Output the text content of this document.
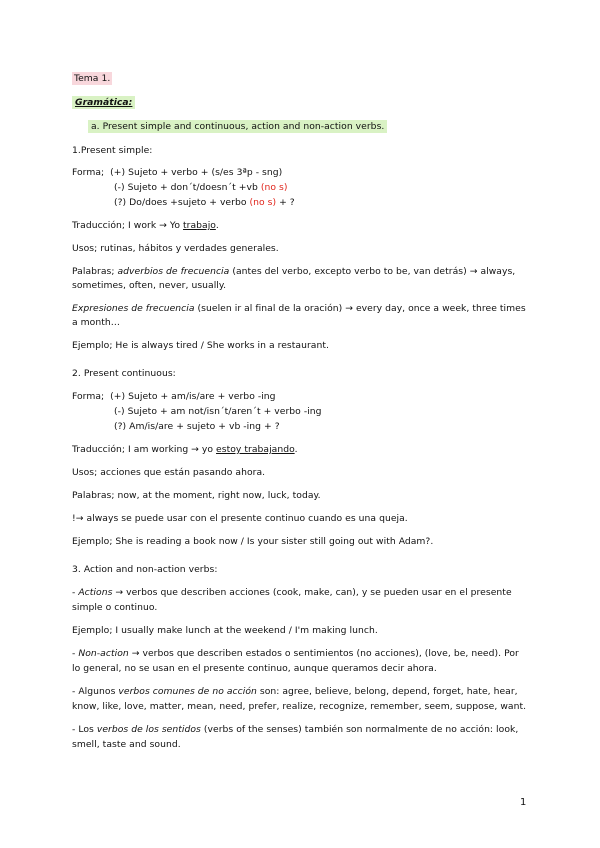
Tema 1.
Gramática:
a. Present simple and continuous, action and non-action verbs.
1.Present simple:
Forma; (+) Sujeto + verbo + (s/es 3ªp - sng)
(-) Sujeto + don´t/doesn´t +vb (no s)
(?) Do/does +sujeto + verbo (no s) + ?
Traducción; I work → Yo trabajo.
Usos; rutinas, hábitos y verdades generales.
Palabras; adverbios de frecuencia (antes del verbo, excepto verbo to be, van detrás) → always,
sometimes, often, never, usually.
Expresiones de frecuencia (suelen ir al final de la oración) → every day, once a week, three times
a month…
Ejemplo; He is always tired / She works in a restaurant.
2. Present continuous:
Forma; (+) Sujeto + am/is/are + verbo -ing
(-) Sujeto + am not/isn´t/aren´t + verbo -ing
(?) Am/is/are + sujeto + vb -ing + ?
Traducción; I am working → yo estoy trabajando.
Usos; acciones que están pasando ahora.
Palabras; now, at the moment, right now, luck, today.
!→ always se puede usar con el presente continuo cuando es una queja.
Ejemplo; She is reading a book now / Is your sister still going out with Adam?.
3. Action and non-action verbs:
- Actions → verbos que describen acciones (cook, make, can), y se pueden usar en el presente
simple o continuo.
Ejemplo; I usually make lunch at the weekend / I'm making lunch.
- Non-action → verbos que describen estados o sentimientos (no acciones), (love, be, need). Por
lo general, no se usan en el presente continuo, aunque queramos decir ahora.
- Algunos verbos comunes de no acción son: agree, believe, belong, depend, forget, hate, hear,
know, like, love, matter, mean, need, prefer, realize, recognize, remember, seem, suppose, want.
- Los verbos de los sentidos (verbs of the senses) también son normalmente de no acción: look,
smell, taste and sound.
1
